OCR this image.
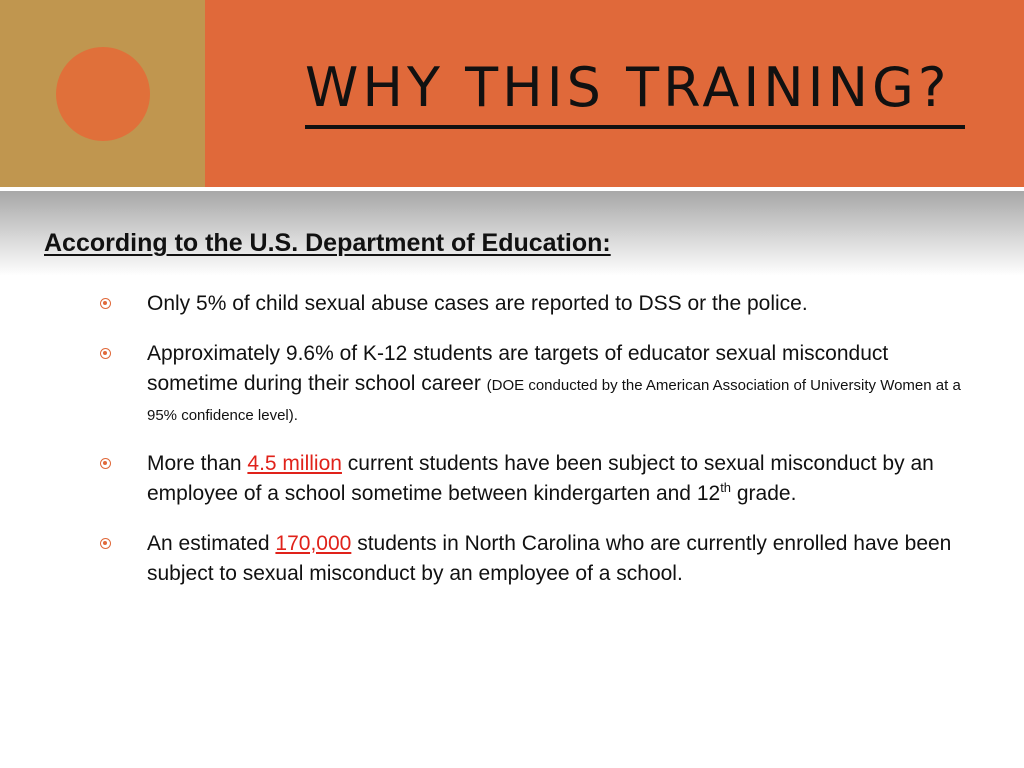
WHY THIS TRAINING?
According to the U.S. Department of Education:
Only 5% of child sexual abuse cases are reported to DSS or the police.
Approximately 9.6% of K-12 students are targets of educator sexual misconduct sometime during their school career (DOE conducted by the American Association of University Women at a 95% confidence level).
More than 4.5 million current students have been subject to sexual misconduct by an employee of a school sometime between kindergarten and 12th grade.
An estimated 170,000 students in North Carolina who are currently enrolled have been subject to sexual misconduct by an employee of a school.
